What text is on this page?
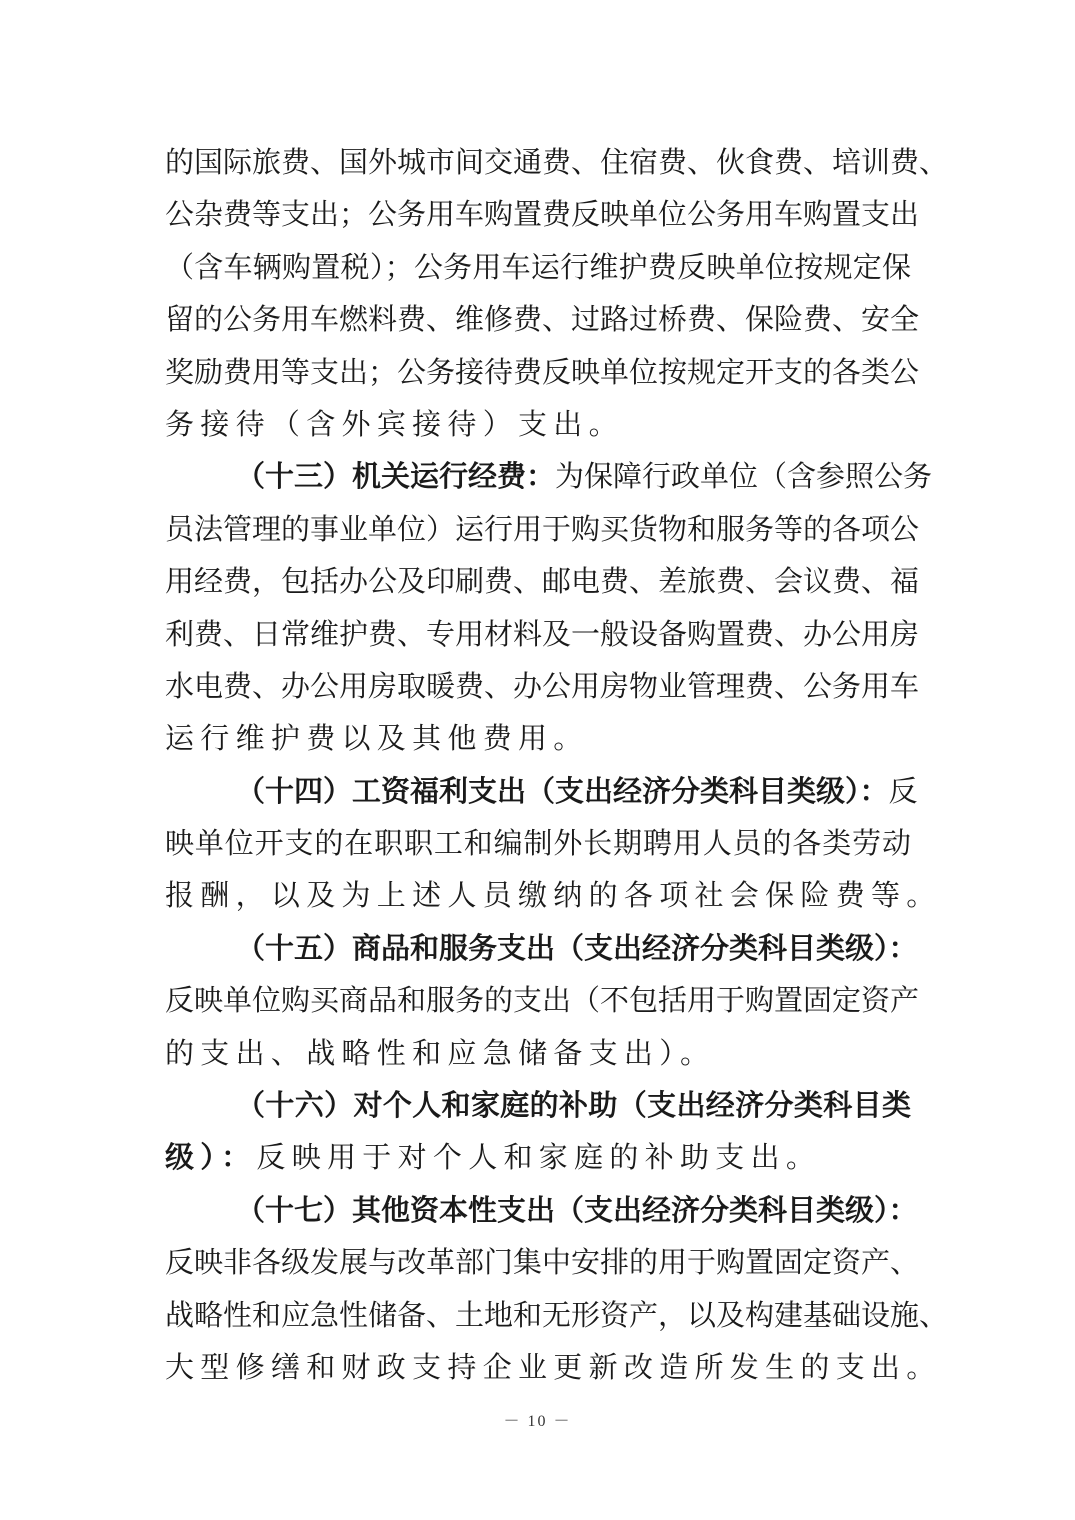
的国际旅费、国外城市间交通费、住宿费、伙食费、培训费、
公杂费等支出；公务用车购置费反映单位公务用车购置支出
（含车辆购置税）；公务用车运行维护费反映单位按规定保
留的公务用车燃料费、维修费、过路过桥费、保险费、安全
奖励费用等支出；公务接待费反映单位按规定开支的各类公
务接待（含外宾接待）支出。
（十三）机关运行经费：为保障行政单位（含参照公务
员法管理的事业单位）运行用于购买货物和服务等的各项公
用经费，包括办公及印刷费、邮电费、差旅费、会议费、福
利费、日常维护费、专用材料及一般设备购置费、办公用房
水电费、办公用房取暖费、办公用房物业管理费、公务用车
运行维护费以及其他费用。
（十四）工资福利支出（支出经济分类科目类级）：反
映单位开支的在职职工和编制外长期聘用人员的各类劳动
报酬，以及为上述人员缴纳的各项社会保险费等。
（十五）商品和服务支出（支出经济分类科目类级）：
反映单位购买商品和服务的支出（不包括用于购置固定资产
的支出、战略性和应急储备支出）。
（十六）对个人和家庭的补助（支出经济分类科目类
级）：反映用于对个人和家庭的补助支出。
（十七）其他资本性支出（支出经济分类科目类级）：
反映非各级发展与改革部门集中安排的用于购置固定资产、
战略性和应急性储备、土地和无形资产，以及构建基础设施、
大型修缮和财政支持企业更新改造所发生的支出。
－ 10 －
